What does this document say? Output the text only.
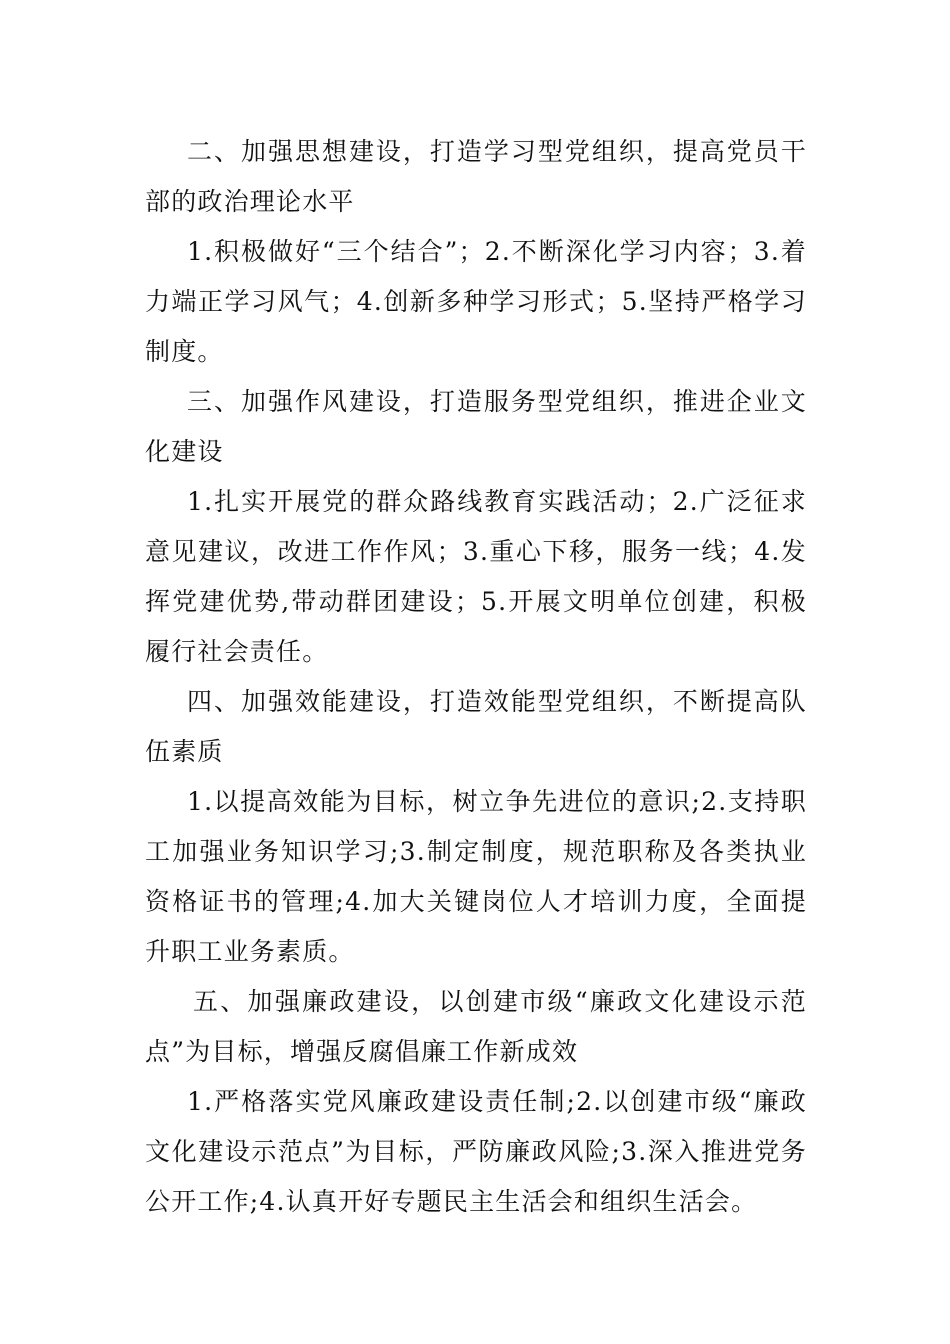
二、加强思想建设，打造学习型党组织，提高党员干部的政治理论水平

1.积极做好“三个结合”；2.不断深化学习内容；3.着力端正学习风气；4.创新多种学习形式；5.坚持严格学习制度。

三、加强作风建设，打造服务型党组织，推进企业文化建设

1.扎实开展党的群众路线教育实践活动；2.广泛征求意见建议，改进工作作风；3.重心下移，服务一线；4.发挥党建优势,带动群团建设；5.开展文明单位创建，积极履行社会责任。

四、加强效能建设，打造效能型党组织，不断提高队伍素质

1.以提高效能为目标，树立争先进位的意识;2.支持职工加强业务知识学习;3.制定制度，规范职称及各类执业资格证书的管理;4.加大关键岗位人才培训力度，全面提升职工业务素质。

五、加强廉政建设，以创建市级“廉政文化建设示范点”为目标，增强反腐倡廉工作新成效

1.严格落实党风廉政建设责任制;2.以创建市级“廉政文化建设示范点”为目标，严防廉政风险;3.深入推进党务公开工作;4.认真开好专题民主生活会和组织生活会。
